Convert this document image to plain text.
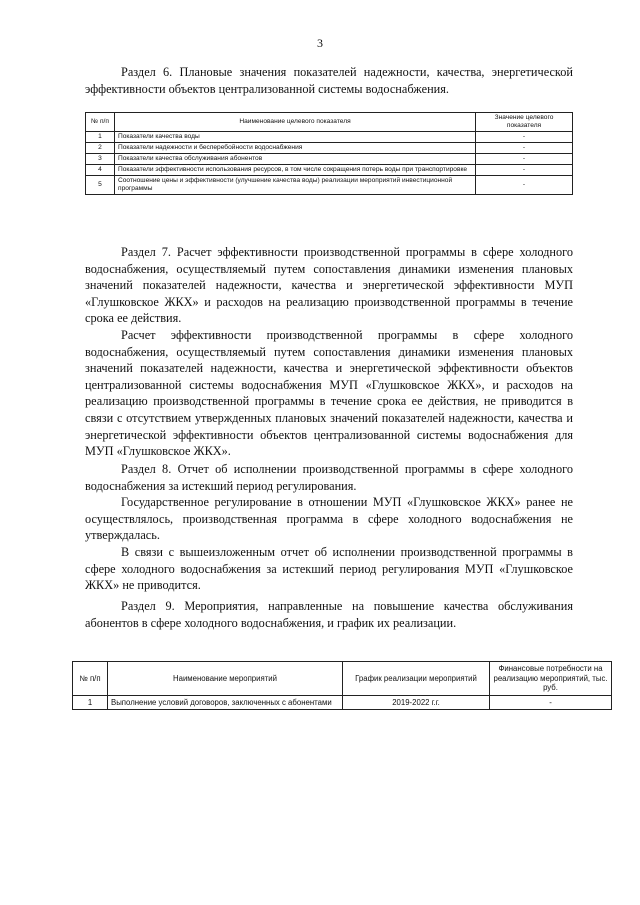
3

Раздел 6. Плановые значения показателей надежности, качества, энергетической эффективности объектов централизованной системы водоснабжения.

№ п/п	Наименование целевого показателя	Значение целевого показателя
1	Показатели качества воды	-
2	Показатели надежности и бесперебойности водоснабжения	-
3	Показатели качества обслуживания абонентов	-
4	Показатели эффективности использования ресурсов, в том числе сокращения потерь воды при транспортировке	-
5	Соотношение цены и эффективности (улучшение качества воды) реализации мероприятий инвестиционной программы	-

Раздел 7. Расчет эффективности производственной программы в сфере холодного водоснабжения, осуществляемый путем сопоставления динамики изменения плановых значений показателей надежности, качества и энергетической эффективности МУП «Глушковское ЖКХ» и расходов на реализацию производственной программы в течение срока ее действия.

Расчет эффективности производственной программы в сфере холодного водоснабжения, осуществляемый путем сопоставления динамики изменения плановых значений показателей надежности, качества и энергетической эффективности объектов централизованной системы водоснабжения МУП «Глушковское ЖКХ», и расходов на реализацию производственной программы в течение срока ее действия, не приводится в связи с отсутствием утвержденных плановых значений показателей надежности, качества и энергетической эффективности объектов централизованной системы водоснабжения для МУП «Глушковское ЖКХ».

Раздел 8. Отчет об исполнении производственной программы в сфере холодного водоснабжения за истекший период регулирования.

Государственное регулирование в отношении МУП «Глушковское ЖКХ» ранее не осуществлялось, производственная программа в сфере холодного водоснабжения не утверждалась.

В связи с вышеизложенным отчет об исполнении производственной программы в сфере холодного водоснабжения за истекший период регулирования МУП «Глушковское ЖКХ» не приводится.

Раздел 9. Мероприятия, направленные на повышение качества обслуживания абонентов в сфере холодного водоснабжения, и график их реализации.

№ п/п	Наименование мероприятий	График реализации мероприятий	Финансовые потребности на реализацию мероприятий, тыс. руб.
1	Выполнение условий договоров, заключенных с абонентами	2019-2022 г.г.	-
